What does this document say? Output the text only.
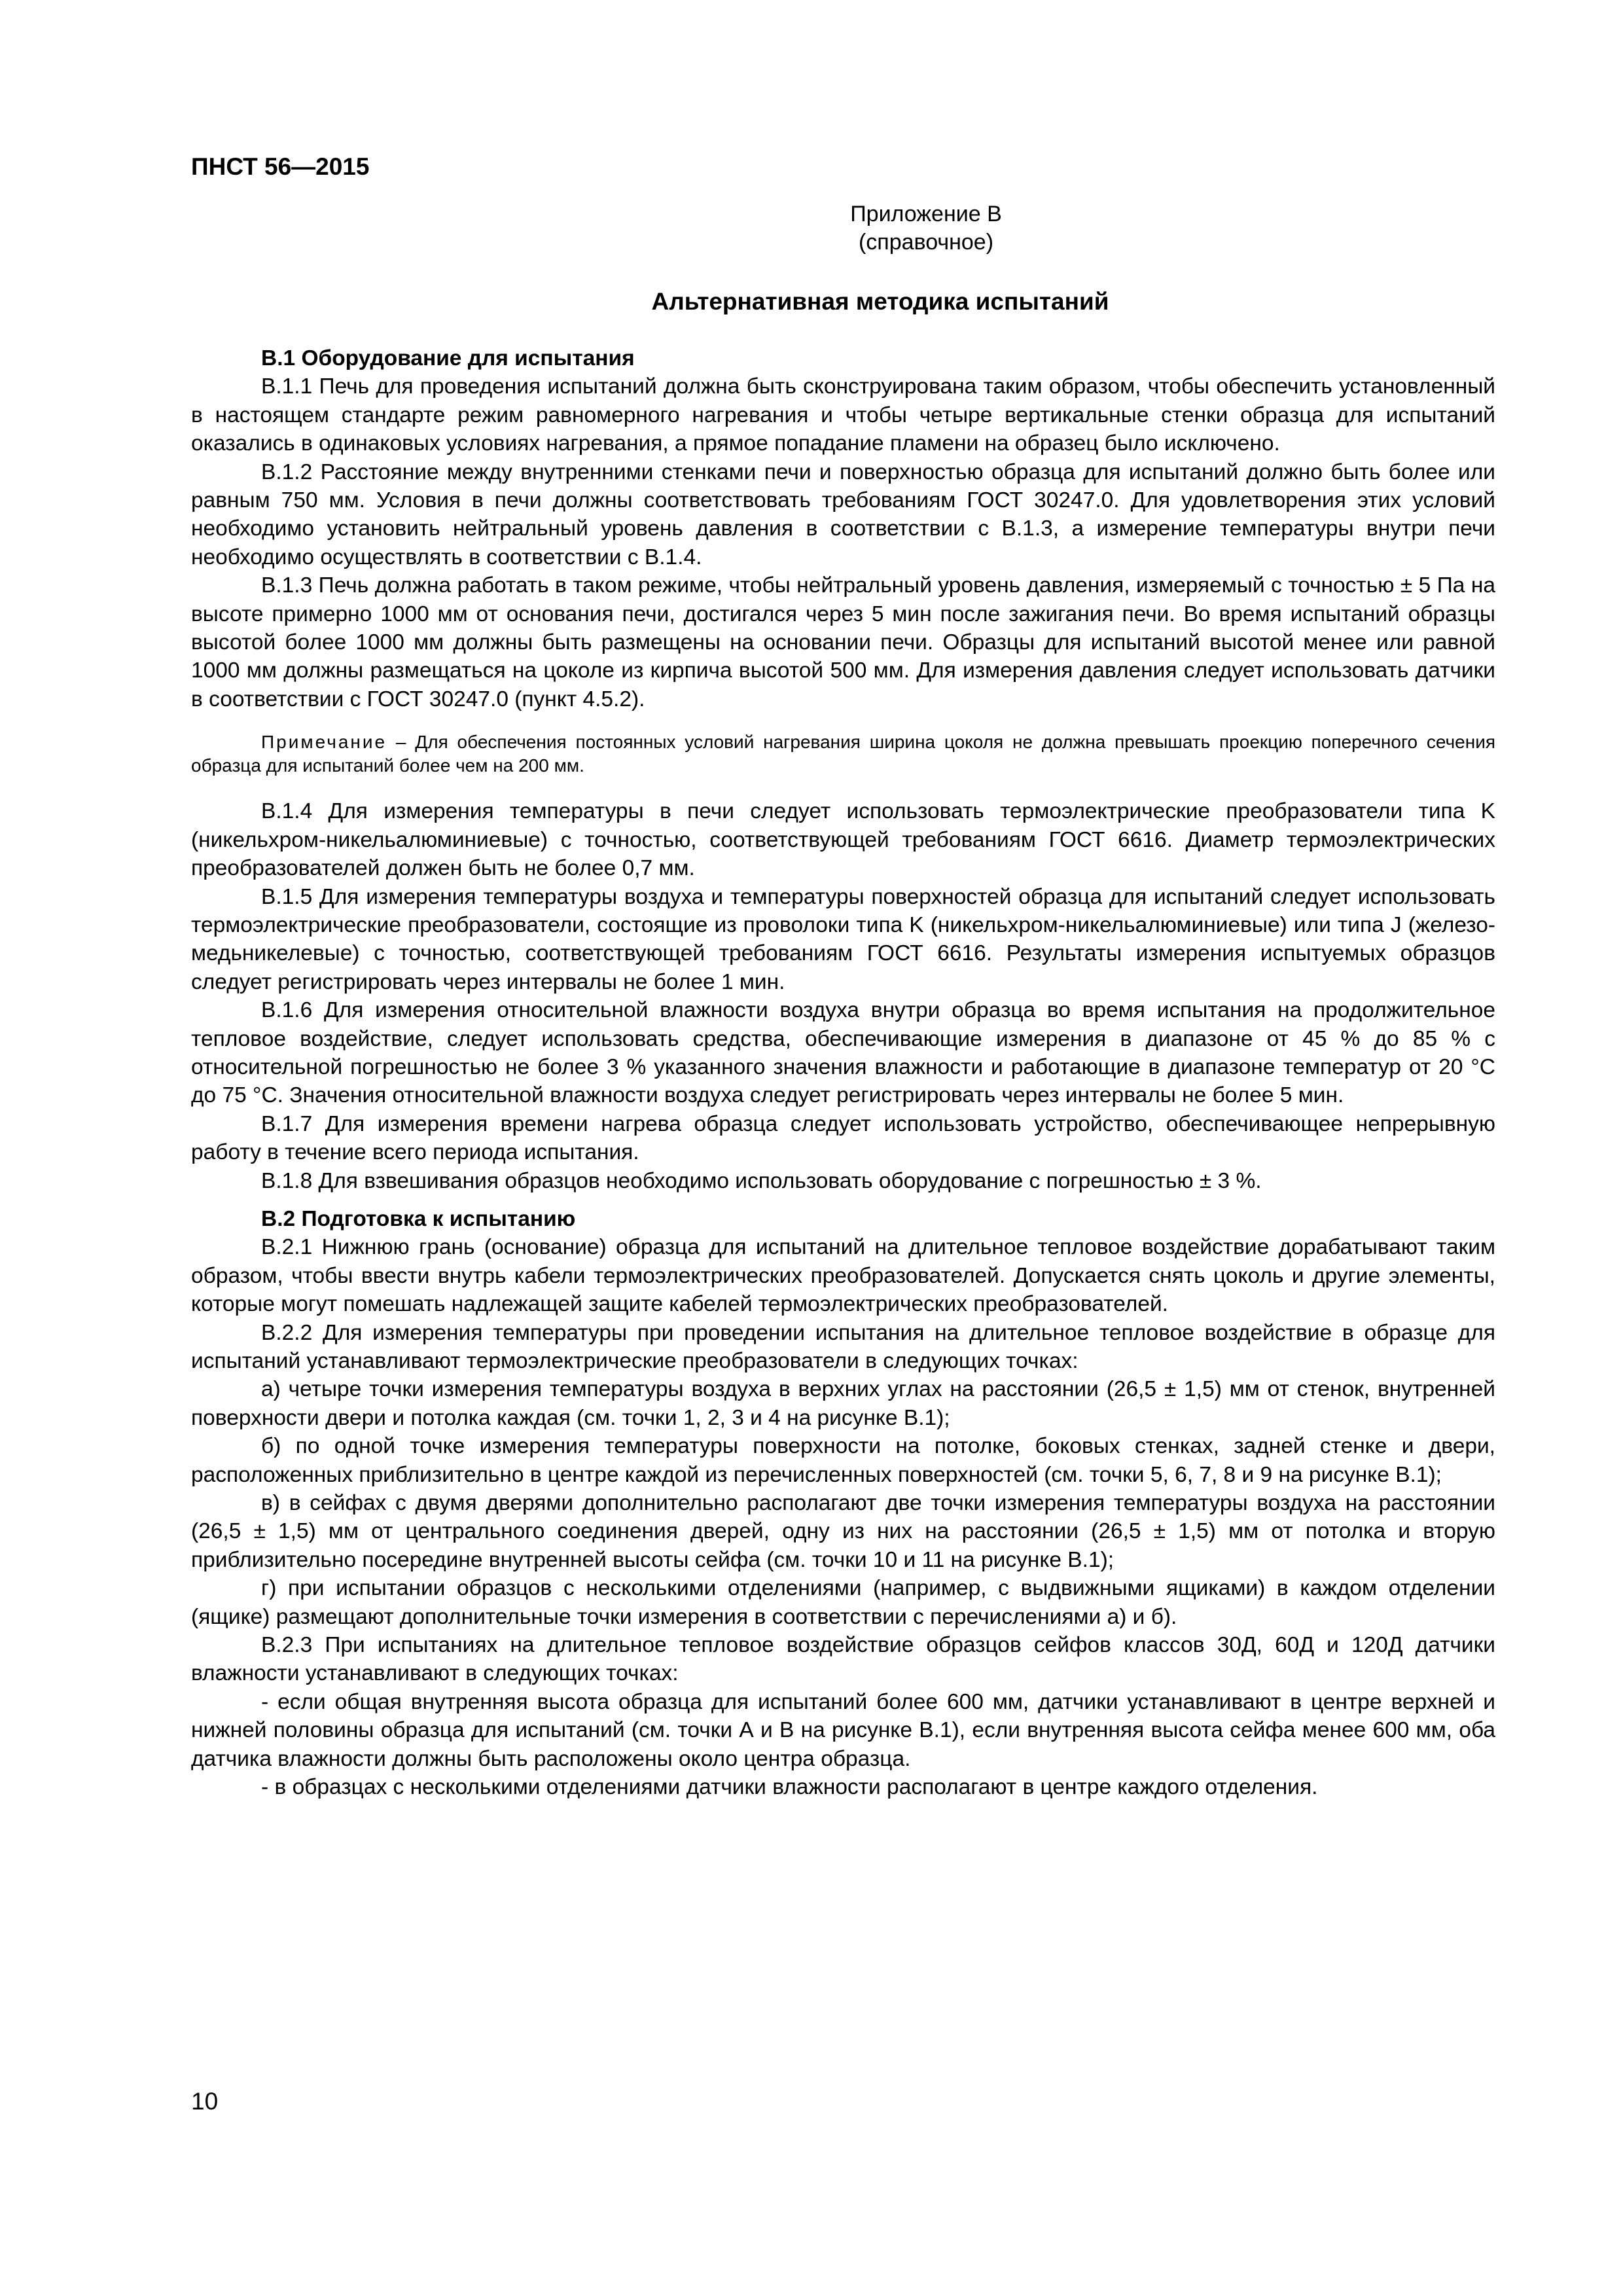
ПНСТ 56—2015
Приложение В
(справочное)
Альтернативная методика испытаний
В.1 Оборудование для испытания

В.1.1 Печь для проведения испытаний должна быть сконструирована таким образом, чтобы обеспечить установленный в настоящем стандарте режим равномерного нагревания и чтобы четыре вертикальные стенки образца для испытаний оказались в одинаковых условиях нагревания, а прямое попадание пламени на образец было исключено.

В.1.2 Расстояние между внутренними стенками печи и поверхностью образца для испытаний должно быть более или равным 750 мм. Условия в печи должны соответствовать требованиям ГОСТ 30247.0. Для удовлетворения этих условий необходимо установить нейтральный уровень давления в соответствии с В.1.3, а измерение температуры внутри печи необходимо осуществлять в соответствии с В.1.4.

В.1.3 Печь должна работать в таком режиме, чтобы нейтральный уровень давления, измеряемый с точностью ± 5 Па на высоте примерно 1000 мм от основания печи, достигался через 5 мин после зажигания печи. Во время испытаний образцы высотой более 1000 мм должны быть размещены на основании печи. Образцы для испытаний высотой менее или равной 1000 мм должны размещаться на цоколе из кирпича высотой 500 мм. Для измерения давления следует использовать датчики в соответствии с ГОСТ 30247.0 (пункт 4.5.2).

Примечание – Для обеспечения постоянных условий нагревания ширина цоколя не должна превышать проекцию поперечного сечения образца для испытаний более чем на 200 мм.

В.1.4 Для измерения температуры в печи следует использовать термоэлектрические преобразователи типа K (никельхром-никельалюминиевые) с точностью, соответствующей требованиям ГОСТ 6616. Диаметр термоэлектрических преобразователей должен быть не более 0,7 мм.

В.1.5 Для измерения температуры воздуха и температуры поверхностей образца для испытаний следует использовать термоэлектрические преобразователи, состоящие из проволоки типа K (никельхром-никельалюминиевые) или типа J (железо-медьникелевые) с точностью, соответствующей требованиям ГОСТ 6616. Результаты измерения испытуемых образцов следует регистрировать через интервалы не более 1 мин.

В.1.6 Для измерения относительной влажности воздуха внутри образца во время испытания на продолжительное тепловое воздействие, следует использовать средства, обеспечивающие измерения в диапазоне от 45 % до 85 % с относительной погрешностью не более 3 % указанного значения влажности и работающие в диапазоне температур от 20 °С до 75 °С. Значения относительной влажности воздуха следует регистрировать через интервалы не более 5 мин.

В.1.7 Для измерения времени нагрева образца следует использовать устройство, обеспечивающее непрерывную работу в течение всего периода испытания.

В.1.8 Для взвешивания образцов необходимо использовать оборудование с погрешностью ± 3 %.

В.2 Подготовка к испытанию

В.2.1 Нижнюю грань (основание) образца для испытаний на длительное тепловое воздействие дорабатывают таким образом, чтобы ввести внутрь кабели термоэлектрических преобразователей. Допускается снять цоколь и другие элементы, которые могут помешать надлежащей защите кабелей термоэлектрических преобразователей.

В.2.2 Для измерения температуры при проведении испытания на длительное тепловое воздействие в образце для испытаний устанавливают термоэлектрические преобразователи в следующих точках:

а) четыре точки измерения температуры воздуха в верхних углах на расстоянии (26,5 ± 1,5) мм от стенок, внутренней поверхности двери и потолка каждая (см. точки 1, 2, 3 и 4 на рисунке В.1);

б) по одной точке измерения температуры поверхности на потолке, боковых стенках, задней стенке и двери, расположенных приблизительно в центре каждой из перечисленных поверхностей (см. точки 5, 6, 7, 8 и 9 на рисунке В.1);

в) в сейфах с двумя дверями дополнительно располагают две точки измерения температуры воздуха на расстоянии (26,5 ± 1,5) мм от центрального соединения дверей, одну из них на расстоянии (26,5 ± 1,5) мм от потолка и вторую приблизительно посередине внутренней высоты сейфа (см. точки 10 и 11 на рисунке В.1);

г) при испытании образцов с несколькими отделениями (например, с выдвижными ящиками) в каждом отделении (ящике) размещают дополнительные точки измерения в соответствии с перечислениями а) и б).

В.2.3 При испытаниях на длительное тепловое воздействие образцов сейфов классов 30Д, 60Д и 120Д датчики влажности устанавливают в следующих точках:

- если общая внутренняя высота образца для испытаний более 600 мм, датчики устанавливают в центре верхней и нижней половины образца для испытаний (см. точки А и В на рисунке В.1), если внутренняя высота сейфа менее 600 мм, оба датчика влажности должны быть расположены около центра образца.

- в образцах с несколькими отделениями датчики влажности располагают в центре каждого отделения.

10
